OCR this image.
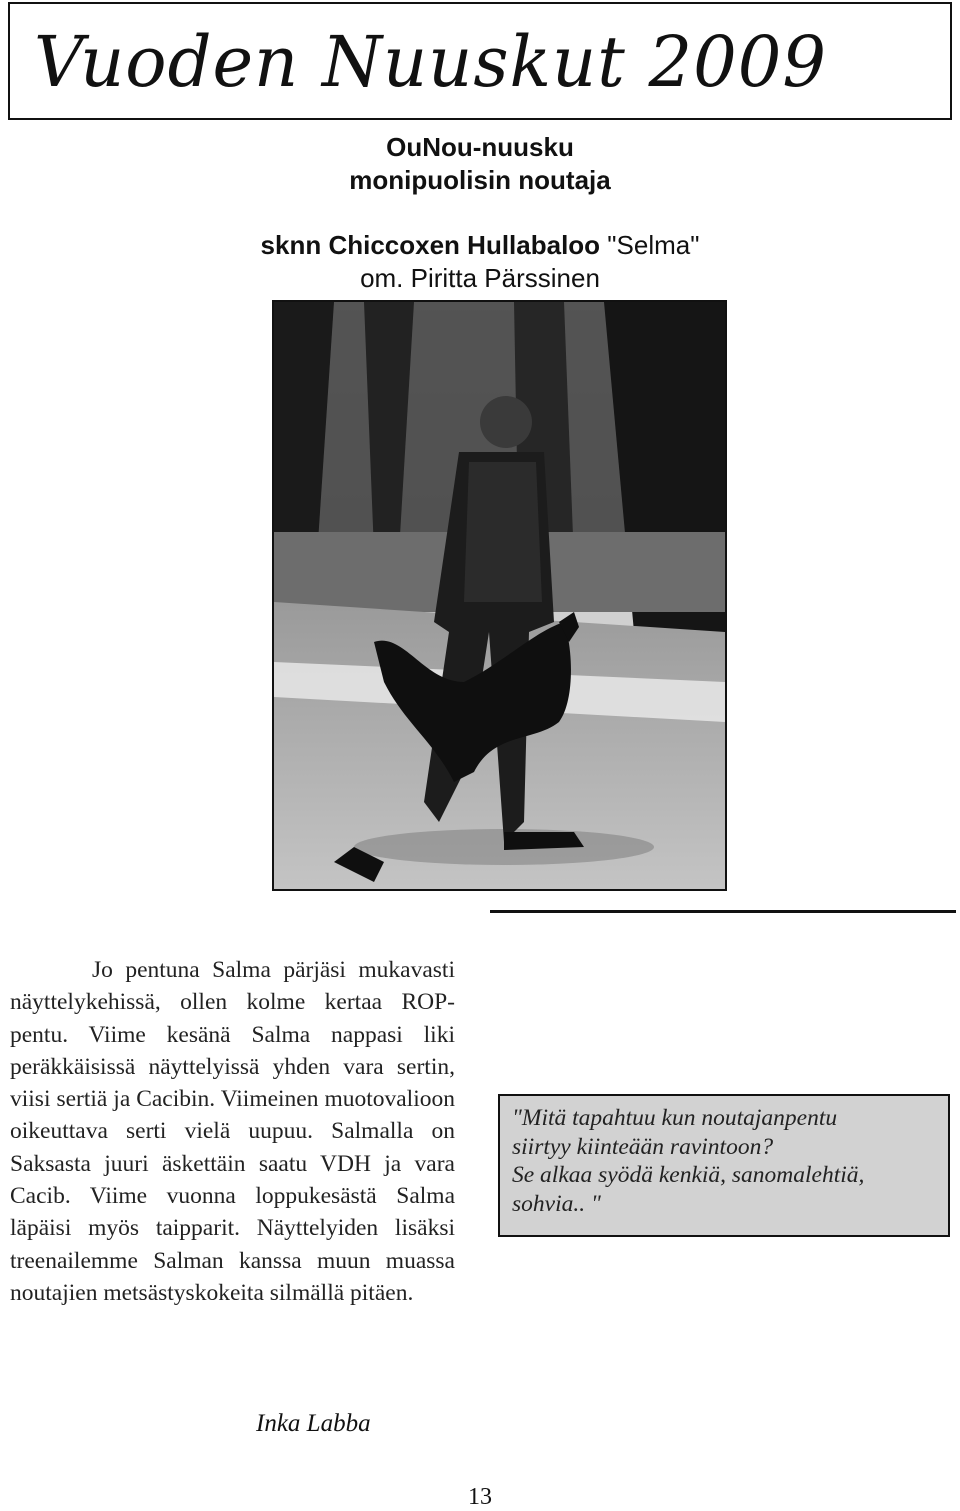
Vuoden Nuuskut 2009
OuNou-nuusku
monipuolisin noutaja
sknn Chiccoxen Hullabaloo "Selma"
om. Piritta Pärssinen

Jo pentuna Salma pärjäsi mukavasti näyttelykehissä, ollen kolme kertaa ROP-pentu. Viime kesänä Salma nappasi liki peräkkäisissä näyttelyissä yhden vara sertin, viisi sertiä ja Cacibin. Viimeinen muotovalioon oikeuttava serti vielä uupuu. Salmalla on Saksasta juuri äskettäin saatu VDH ja vara Cacib. Viime vuonna loppukesästä Salma läpäisi myös taipparit. Näyttelyiden lisäksi treenailemme Salman kanssa muun muassa noutajien metsästyskokeita silmällä pitäen.

"Mitä tapahtuu kun noutajanpentu
siirtyy kiinteään ravintoon?
Se alkaa syödä kenkiä, sanomalehtiä,
sohvia.. "
Inka Labba
13
